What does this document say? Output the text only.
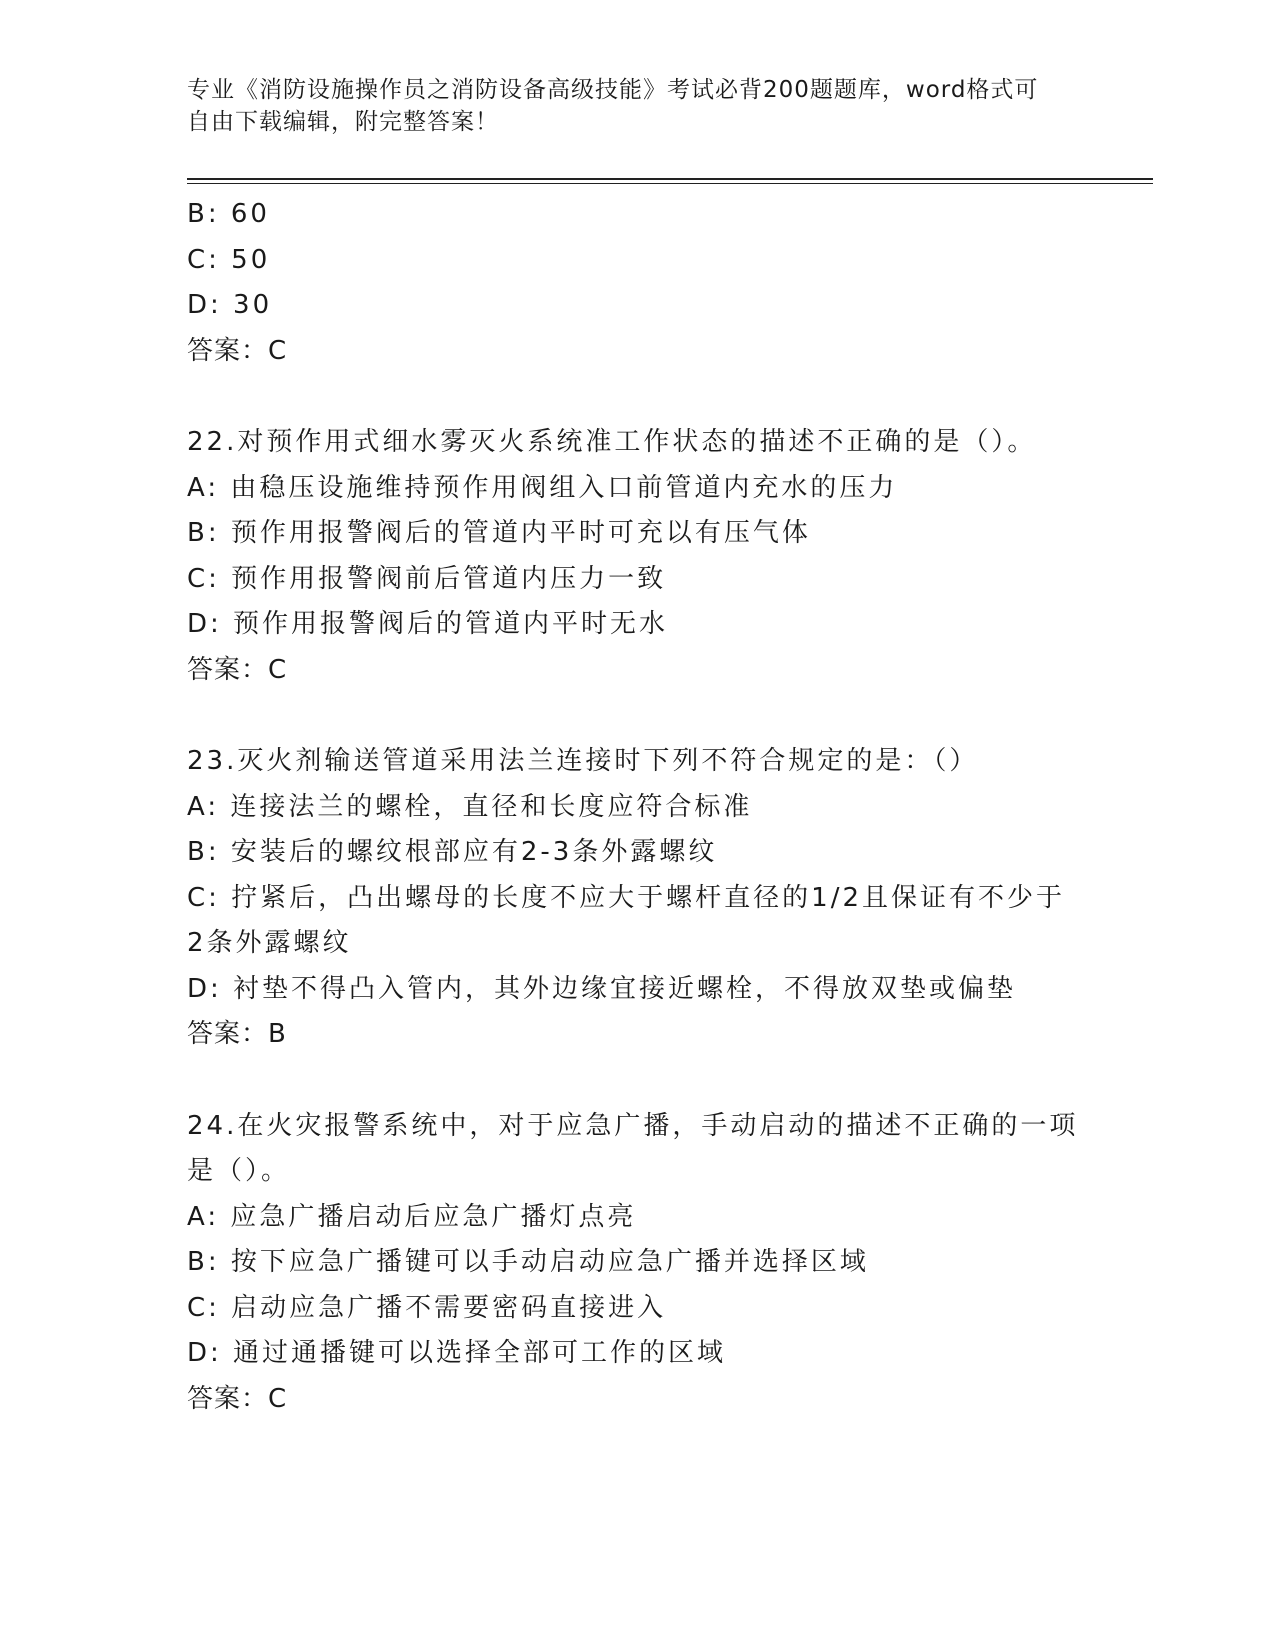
专业《消防设施操作员之消防设备高级技能》考试必背200题题库，word格式可
自由下载编辑，附完整答案！
B: 60
C: 50
D: 30
答案：C
22.对预作用式细水雾灭火系统准工作状态的描述不正确的是（）。
A: 由稳压设施维持预作用阀组入口前管道内充水的压力
B: 预作用报警阀后的管道内平时可充以有压气体
C: 预作用报警阀前后管道内压力一致
D: 预作用报警阀后的管道内平时无水
答案：C
23.灭火剂输送管道采用法兰连接时下列不符合规定的是：（）
A: 连接法兰的螺栓，直径和长度应符合标准
B: 安装后的螺纹根部应有2-3条外露螺纹
C: 拧紧后，凸出螺母的长度不应大于螺杆直径的1/2且保证有不少于
2条外露螺纹
D: 衬垫不得凸入管内，其外边缘宜接近螺栓，不得放双垫或偏垫
答案：B
24.在火灾报警系统中，对于应急广播，手动启动的描述不正确的一项
是（）。
A: 应急广播启动后应急广播灯点亮
B: 按下应急广播键可以手动启动应急广播并选择区域
C: 启动应急广播不需要密码直接进入
D: 通过通播键可以选择全部可工作的区域
答案：C
